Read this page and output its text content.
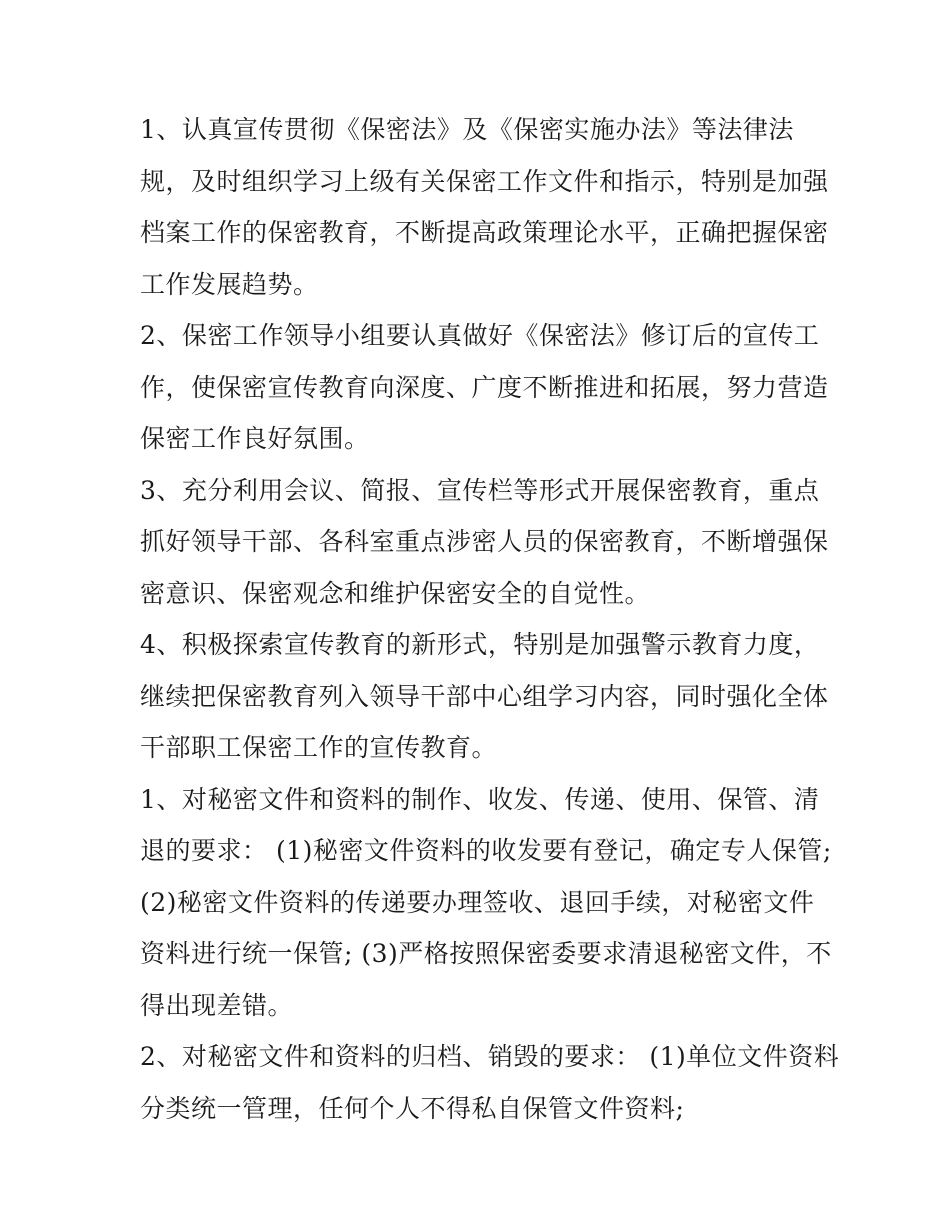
1、认真宣传贯彻《保密法》及《保密实施办法》等法律法
规，及时组织学习上级有关保密工作文件和指示，特别是加强
档案工作的保密教育，不断提高政策理论水平，正确把握保密
工作发展趋势。
2、保密工作领导小组要认真做好《保密法》修订后的宣传工
作，使保密宣传教育向深度、广度不断推进和拓展，努力营造
保密工作良好氛围。
3、充分利用会议、简报、宣传栏等形式开展保密教育，重点
抓好领导干部、各科室重点涉密人员的保密教育，不断增强保
密意识、保密观念和维护保密安全的自觉性。
4、积极探索宣传教育的新形式，特别是加强警示教育力度，
继续把保密教育列入领导干部中心组学习内容，同时强化全体
干部职工保密工作的宣传教育。
1、对秘密文件和资料的制作、收发、传递、使用、保管、清
退的要求： (1)秘密文件资料的收发要有登记，确定专人保管;
(2)秘密文件资料的传递要办理签收、退回手续，对秘密文件
资料进行统一保管; (3)严格按照保密委要求清退秘密文件，不
得出现差错。
2、对秘密文件和资料的归档、销毁的要求： (1)单位文件资料
分类统一管理，任何个人不得私自保管文件资料;
